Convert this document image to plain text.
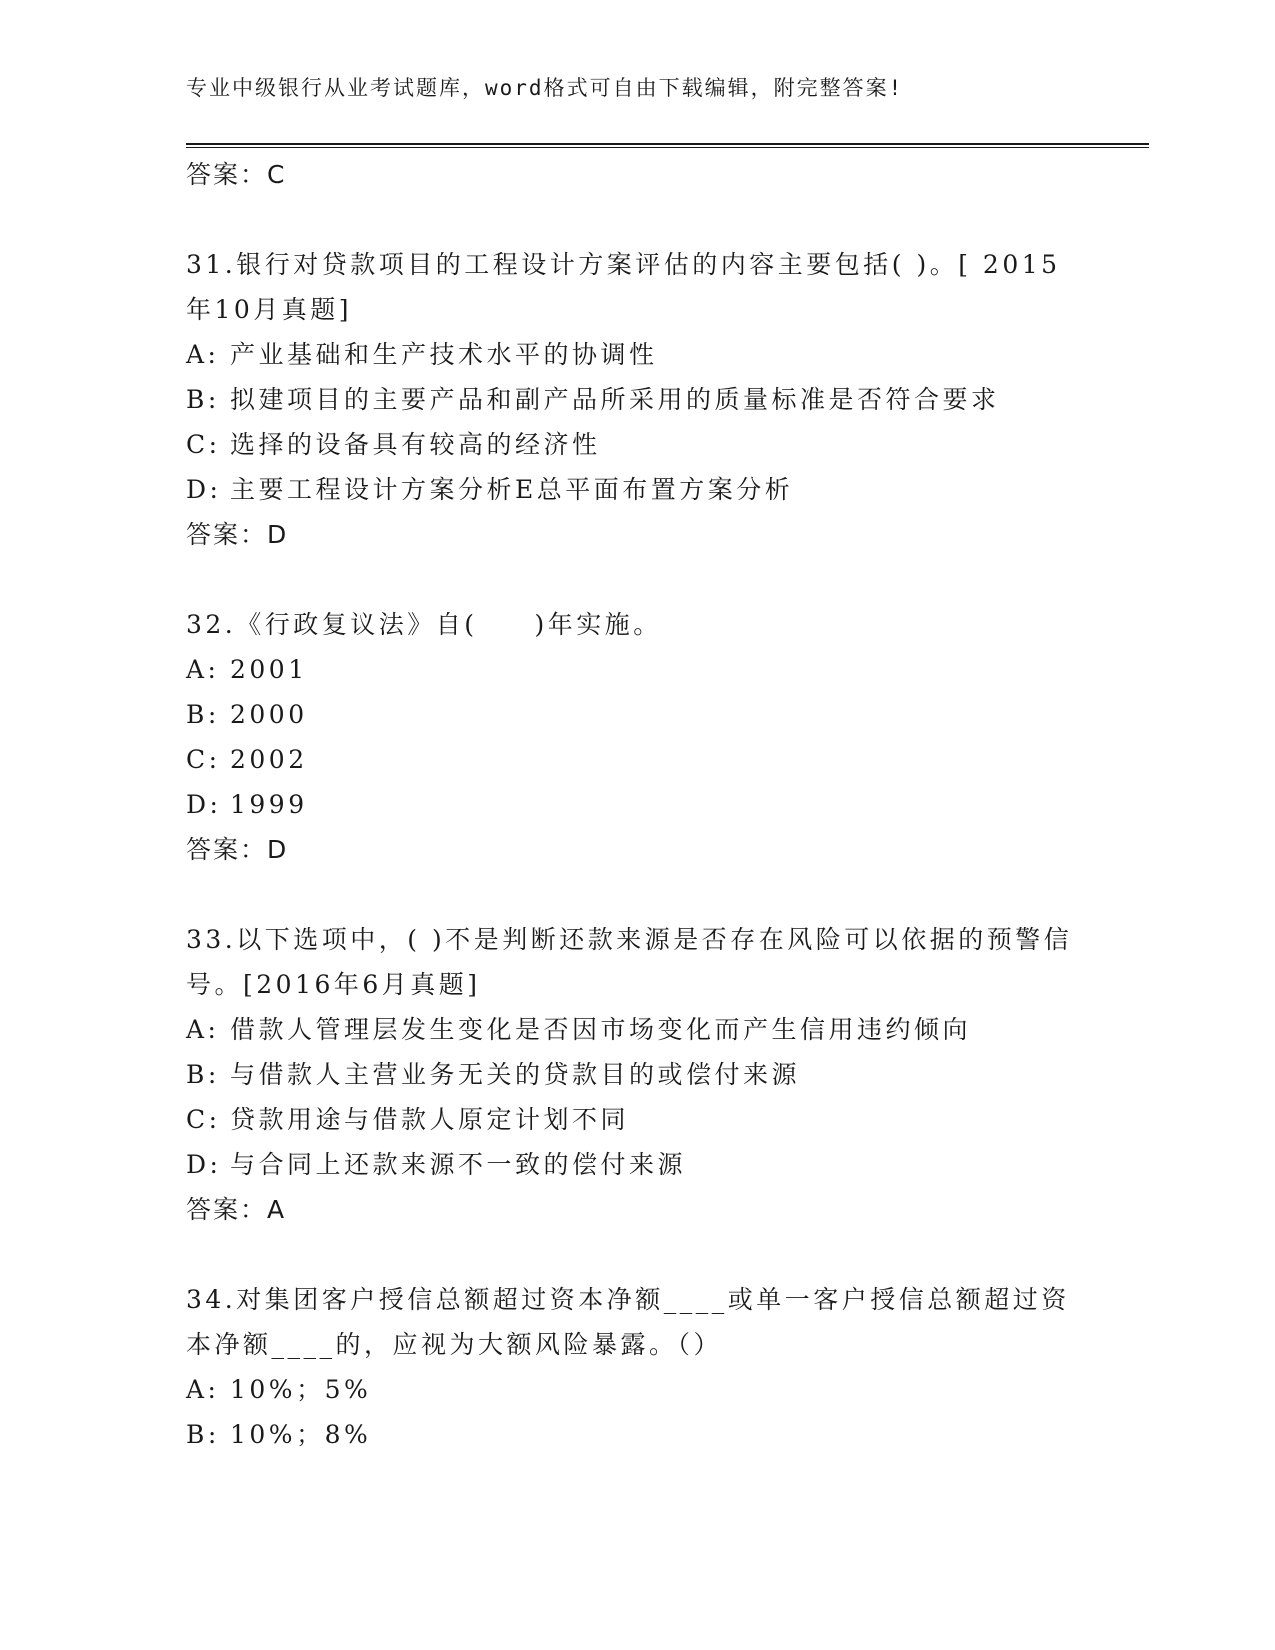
专业中级银行从业考试题库，word格式可自由下载编辑，附完整答案!
答案：C
31.银行对贷款项目的工程设计方案评估的内容主要包括( )。[ 2015年10月真题]
A: 产业基础和生产技术水平的协调性
B: 拟建项目的主要产品和副产品所采用的质量标准是否符合要求
C: 选择的设备具有较高的经济性
D: 主要工程设计方案分析E总平面布置方案分析
答案：D
32.《行政复议法》自(　　)年实施。
A: 2001
B: 2000
C: 2002
D: 1999
答案：D
33.以下选项中，( )不是判断还款来源是否存在风险可以依据的预警信号。[2016年6月真题]
A: 借款人管理层发生变化是否因市场变化而产生信用违约倾向
B: 与借款人主营业务无关的贷款目的或偿付来源
C: 贷款用途与借款人原定计划不同
D: 与合同上还款来源不一致的偿付来源
答案：A
34.对集团客户授信总额超过资本净额____或单一客户授信总额超过资本净额____的，应视为大额风险暴露。（）
A: 10%；5%
B: 10%；8%
